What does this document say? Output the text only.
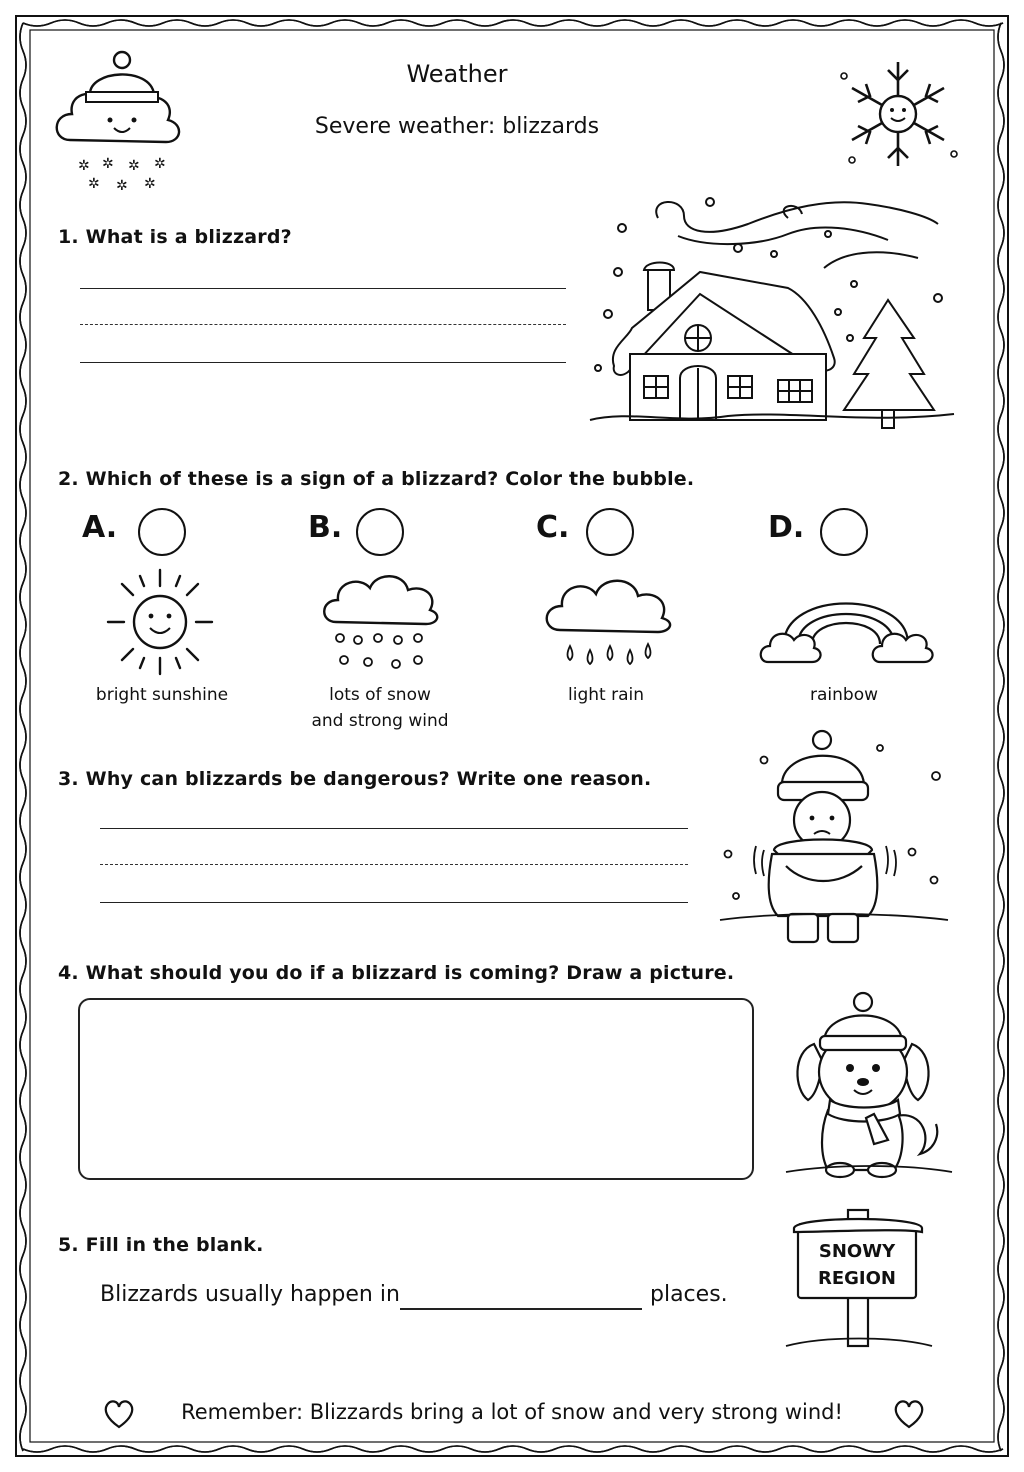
Weather
Severe weather: blizzards
✲ ✲ ✲ ✲
✲ ✲ ✲
1. What is a blizzard?
2. Which of these is a sign of a blizzard? Color the bubble.
A.
bright sunshine
B.
lots of snow
and strong wind
C.
light rain
D.
rainbow
3. Why can blizzards be dangerous? Write one reason.
4. What should you do if a blizzard is coming? Draw a picture.
5. Fill in the blank.
Blizzards usually happen in	places.
SNOWY
REGION
Remember: Blizzards bring a lot of snow and very strong wind!
